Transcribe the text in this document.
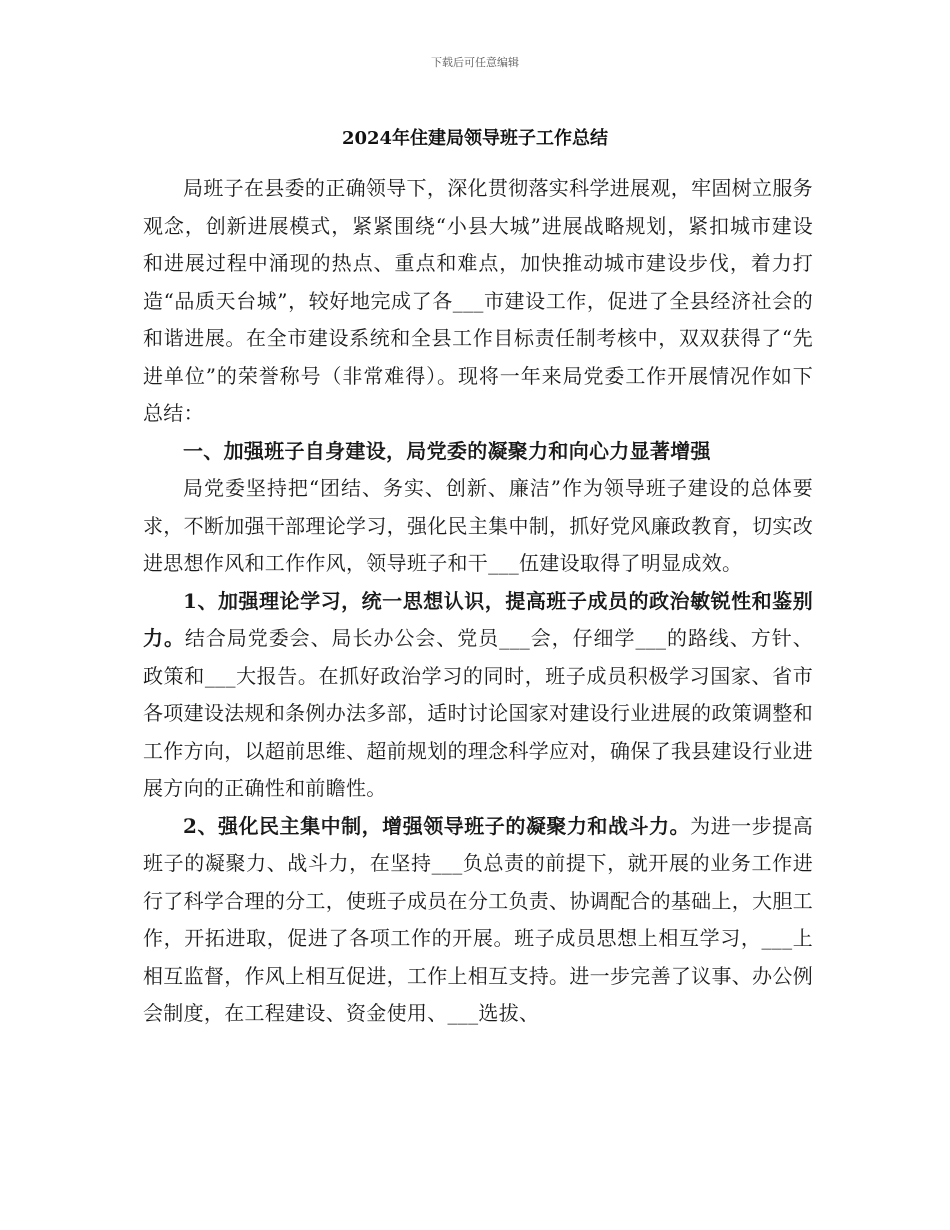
下载后可任意编辑
2024年住建局领导班子工作总结

局班子在县委的正确领导下，深化贯彻落实科学进展观，牢固树立服务观念，创新进展模式，紧紧围绕“小县大城”进展战略规划，紧扣城市建设和进展过程中涌现的热点、重点和难点，加快推动城市建设步伐，着力打造“品质天台城”，较好地完成了各___市建设工作，促进了全县经济社会的和谐进展。在全市建设系统和全县工作目标责任制考核中，双双获得了“先进单位”的荣誉称号（非常难得）。现将一年来局党委工作开展情况作如下总结：

一、加强班子自身建设，局党委的凝聚力和向心力显著增强

局党委坚持把“团结、务实、创新、廉洁”作为领导班子建设的总体要求，不断加强干部理论学习，强化民主集中制，抓好党风廉政教育，切实改进思想作风和工作作风，领导班子和干___伍建设取得了明显成效。

1、加强理论学习，统一思想认识，提高班子成员的政治敏锐性和鉴别力。结合局党委会、局长办公会、党员___会，仔细学___的路线、方针、政策和___大报告。在抓好政治学习的同时，班子成员积极学习国家、省市各项建设法规和条例办法多部，适时讨论国家对建设行业进展的政策调整和工作方向，以超前思维、超前规划的理念科学应对，确保了我县建设行业进展方向的正确性和前瞻性。

2、强化民主集中制，增强领导班子的凝聚力和战斗力。为进一步提高班子的凝聚力、战斗力，在坚持___负总责的前提下，就开展的业务工作进行了科学合理的分工，使班子成员在分工负责、协调配合的基础上，大胆工作，开拓进取，促进了各项工作的开展。班子成员思想上相互学习，___上相互监督，作风上相互促进，工作上相互支持。进一步完善了议事、办公例会制度，在工程建设、资金使用、___选拔、
